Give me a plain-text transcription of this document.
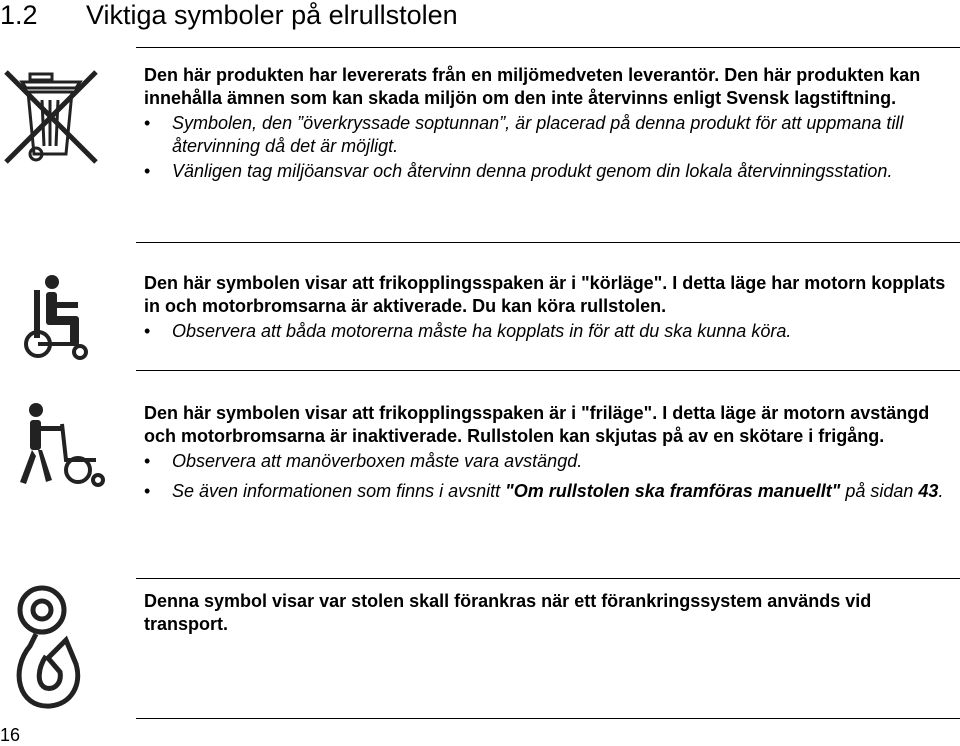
1.2 Viktiga symboler på elrullstolen
Den här produkten har levererats från en miljömedveten leverantör. Den här produkten kan innehålla ämnen som kan skada miljön om den inte återvinns enligt Svensk lagstiftning.
• Symbolen, den ”överkryssade soptunnan”, är placerad på denna produkt för att uppmana till återvinning då det är möjligt.
• Vänligen tag miljöansvar och återvinn denna produkt genom din lokala återvinningsstation.
Den här symbolen visar att frikopplingsspaken är i "körläge". I detta läge har motorn kopplats in och motorbromsarna är aktiverade. Du kan köra rullstolen.
• Observera att båda motorerna måste ha kopplats in för att du ska kunna köra.
Den här symbolen visar att frikopplingsspaken är i "friläge". I detta läge är motorn avstängd och motorbromsarna är inaktiverade. Rullstolen kan skjutas på av en skötare i frigång.
• Observera att manöverboxen måste vara avstängd.
• Se även informationen som finns i avsnitt "Om rullstolen ska framföras manuellt" på sidan 43.
Denna symbol visar var stolen skall förankras när ett förankringssystem används vid transport.
16
